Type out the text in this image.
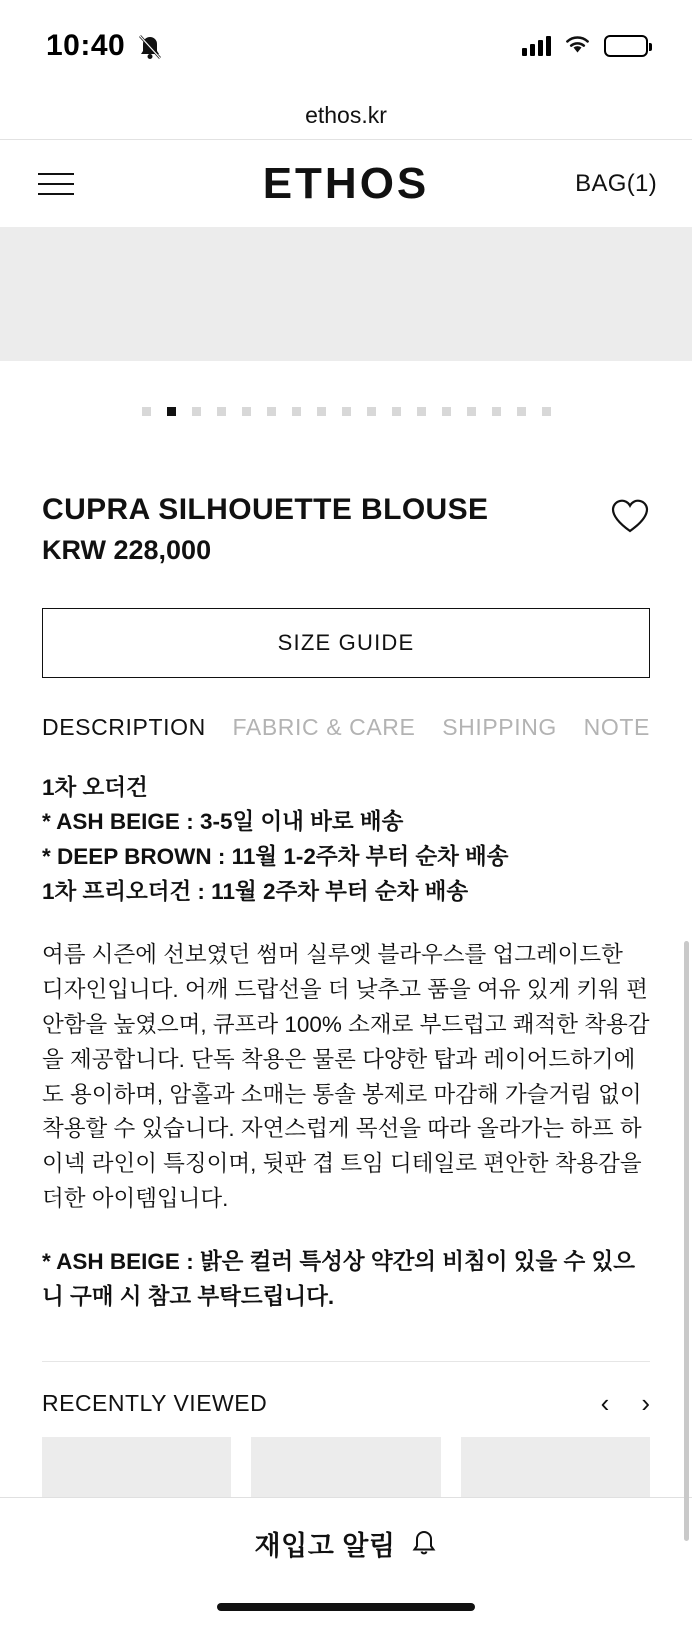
10:40
ethos.kr
ETHOS	BAG(1)
CUPRA SILHOUETTE BLOUSE
KRW 228,000
SIZE GUIDE
DESCRIPTION FABRIC & CARE SHIPPING NOTE
1차 오더건
* ASH BEIGE : 3-5일 이내 바로 배송
* DEEP BROWN : 11월 1-2주차 부터 순차 배송
1차 프리오더건 : 11월 2주차 부터 순차 배송

여름 시즌에 선보였던 썸머 실루엣 블라우스를 업그레이드한 디자인입니다. 어깨 드랍선을 더 낮추고 품을 여유 있게 키워 편안함을 높였으며, 큐프라 100% 소재로 부드럽고 쾌적한 착용감을 제공합니다. 단독 착용은 물론 다양한 탑과 레이어드하기에도 용이하며, 암홀과 소매는 통솔 봉제로 마감해 가슬거림 없이 착용할 수 있습니다. 자연스럽게 목선을 따라 올라가는 하프 하이넥 라인이 특징이며, 뒷판 겹 트임 디테일로 편안한 착용감을 더한 아이템입니다.

* ASH BEIGE : 밝은 컬러 특성상 약간의 비침이 있을 수 있으니 구매 시 참고 부탁드립니다.

RECENTLY VIEWED	‹ ›
재입고 알림
